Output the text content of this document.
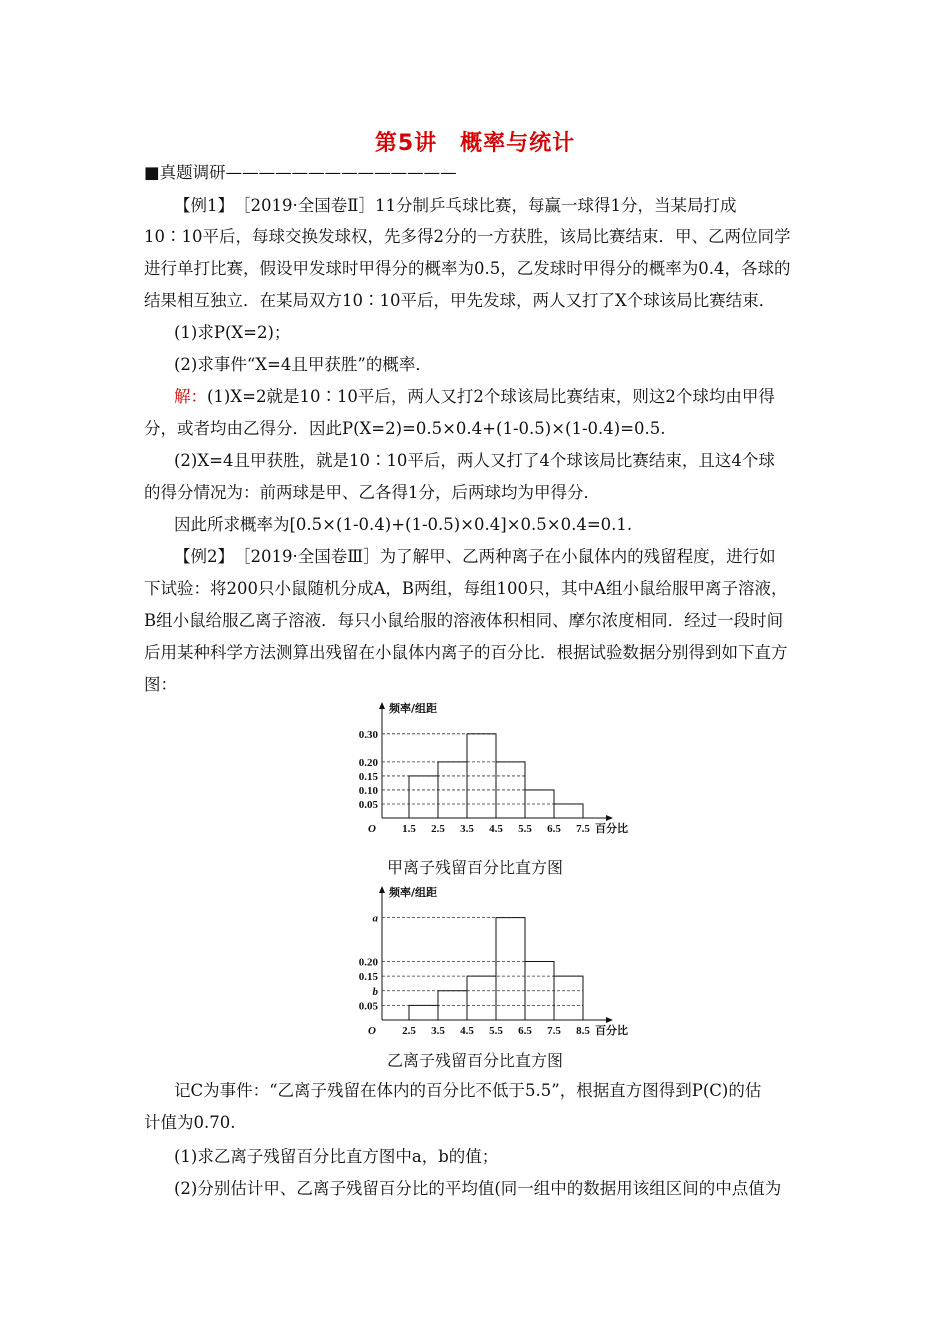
第5讲　概率与统计
■真题调研——————————————
【例1】　 ［2019·全国卷Ⅱ］11分制乒乓球比赛，每赢一球得1分，当某局打成
10∶10平后，每球交换发球权，先多得2分的一方获胜，该局比赛结束．甲、乙两位同学
进行单打比赛，假设甲发球时甲得分的概率为0.5，乙发球时甲得分的概率为0.4，各球的
结果相互独立．在某局双方10∶10平后，甲先发球，两人又打了X个球该局比赛结束．
(1)求P(X=2)；
(2)求事件“X=4且甲获胜”的概率．
解：(1)X=2就是10∶10平后，两人又打2个球该局比赛结束，则这2个球均由甲得
分，或者均由乙得分．因此P(X=2)=0.5×0.4+(1-0.5)×(1-0.4)=0.5.
(2)X=4且甲获胜，就是10∶10平后，两人又打了4个球该局比赛结束，且这4个球
的得分情况为：前两球是甲、乙各得1分，后两球均为甲得分．
因此所求概率为[0.5×(1-0.4)+(1-0.5)×0.4]×0.5×0.4=0.1.
【例2】　 ［2019·全国卷Ⅲ］为了解甲、乙两种离子在小鼠体内的残留程度，进行如
下试验：将200只小鼠随机分成A，B两组，每组100只，其中A组小鼠给服甲离子溶液，
B组小鼠给服乙离子溶液．每只小鼠给服的溶液体积相同、摩尔浓度相同．经过一段时间
后用某种科学方法测算出残留在小鼠体内离子的百分比．根据试验数据分别得到如下直方
图：
频率/组距
O
0.05
0.10
0.15
0.20
0.30
1.5 2.5 3.5 4.5 5.5 6.5 7.5 百分比
甲离子残留百分比直方图
频率/组距
O
0.05
b
0.15
0.20
a
2.5 3.5 4.5 5.5 6.5 7.5 8.5 百分比
乙离子残留百分比直方图
记C为事件：“乙离子残留在体内的百分比不低于5.5”，根据直方图得到P(C)的估
计值为0.70.
(1)求乙离子残留百分比直方图中a，b的值；
(2)分别估计甲、乙离子残留百分比的平均值(同一组中的数据用该组区间的中点值为
